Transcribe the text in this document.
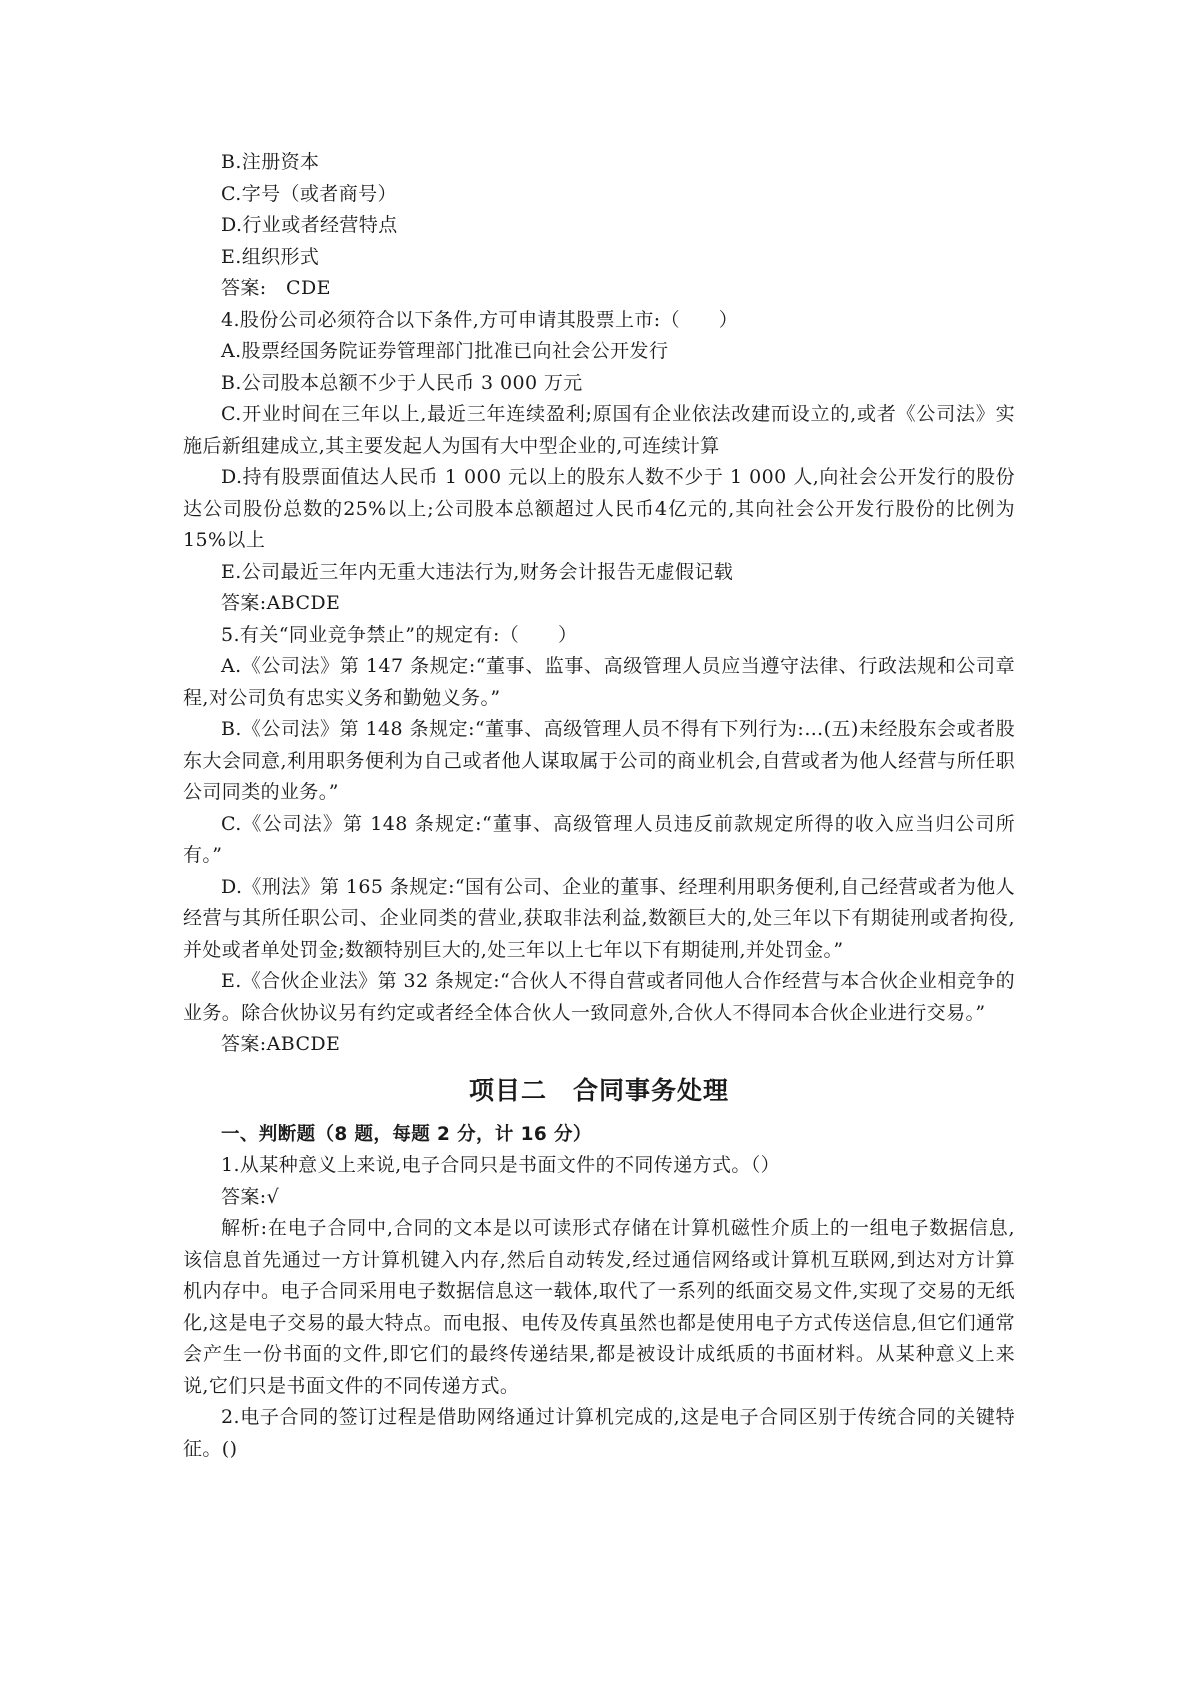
B.注册资本
C.字号（或者商号）
D.行业或者经营特点
E.组织形式
答案:　CDE
4.股份公司必须符合以下条件,方可申请其股票上市:（　　）
A.股票经国务院证券管理部门批准已向社会公开发行
B.公司股本总额不少于人民币 3 000 万元
C.开业时间在三年以上,最近三年连续盈利;原国有企业依法改建而设立的,或者《公司法》实施后新组建成立,其主要发起人为国有大中型企业的,可连续计算
D.持有股票面值达人民币 1 000 元以上的股东人数不少于 1 000 人,向社会公开发行的股份达公司股份总数的25%以上;公司股本总额超过人民币4亿元的,其向社会公开发行股份的比例为 15%以上
E.公司最近三年内无重大违法行为,财务会计报告无虚假记载
答案:ABCDE
5.有关“同业竞争禁止”的规定有:（　　）
A.《公司法》第 147 条规定:“董事、监事、高级管理人员应当遵守法律、行政法规和公司章程,对公司负有忠实义务和勤勉义务。”
B.《公司法》第 148 条规定:“董事、高级管理人员不得有下列行为:…(五)未经股东会或者股东大会同意,利用职务便利为自己或者他人谋取属于公司的商业机会,自营或者为他人经营与所任职公司同类的业务。”
C.《公司法》第 148 条规定:“董事、高级管理人员违反前款规定所得的收入应当归公司所有。”
D.《刑法》第 165 条规定:“国有公司、企业的董事、经理利用职务便利,自己经营或者为他人经营与其所任职公司、企业同类的营业,获取非法利益,数额巨大的,处三年以下有期徒刑或者拘役,并处或者单处罚金;数额特别巨大的,处三年以上七年以下有期徒刑,并处罚金。”
E.《合伙企业法》第 32 条规定:“合伙人不得自营或者同他人合作经营与本合伙企业相竞争的业务。除合伙协议另有约定或者经全体合伙人一致同意外,合伙人不得同本合伙企业进行交易。”
答案:ABCDE
项目二　合同事务处理
一、判断题（8 题，每题 2 分，计 16 分）
1.从某种意义上来说,电子合同只是书面文件的不同传递方式。（）
答案:√
解析:在电子合同中,合同的文本是以可读形式存储在计算机磁性介质上的一组电子数据信息,该信息首先通过一方计算机键入内存,然后自动转发,经过通信网络或计算机互联网,到达对方计算机内存中。电子合同采用电子数据信息这一载体,取代了一系列的纸面交易文件,实现了交易的无纸化,这是电子交易的最大特点。而电报、电传及传真虽然也都是使用电子方式传送信息,但它们通常会产生一份书面的文件,即它们的最终传递结果,都是被设计成纸质的书面材料。从某种意义上来说,它们只是书面文件的不同传递方式。
2.电子合同的签订过程是借助网络通过计算机完成的,这是电子合同区别于传统合同的关键特征。()
